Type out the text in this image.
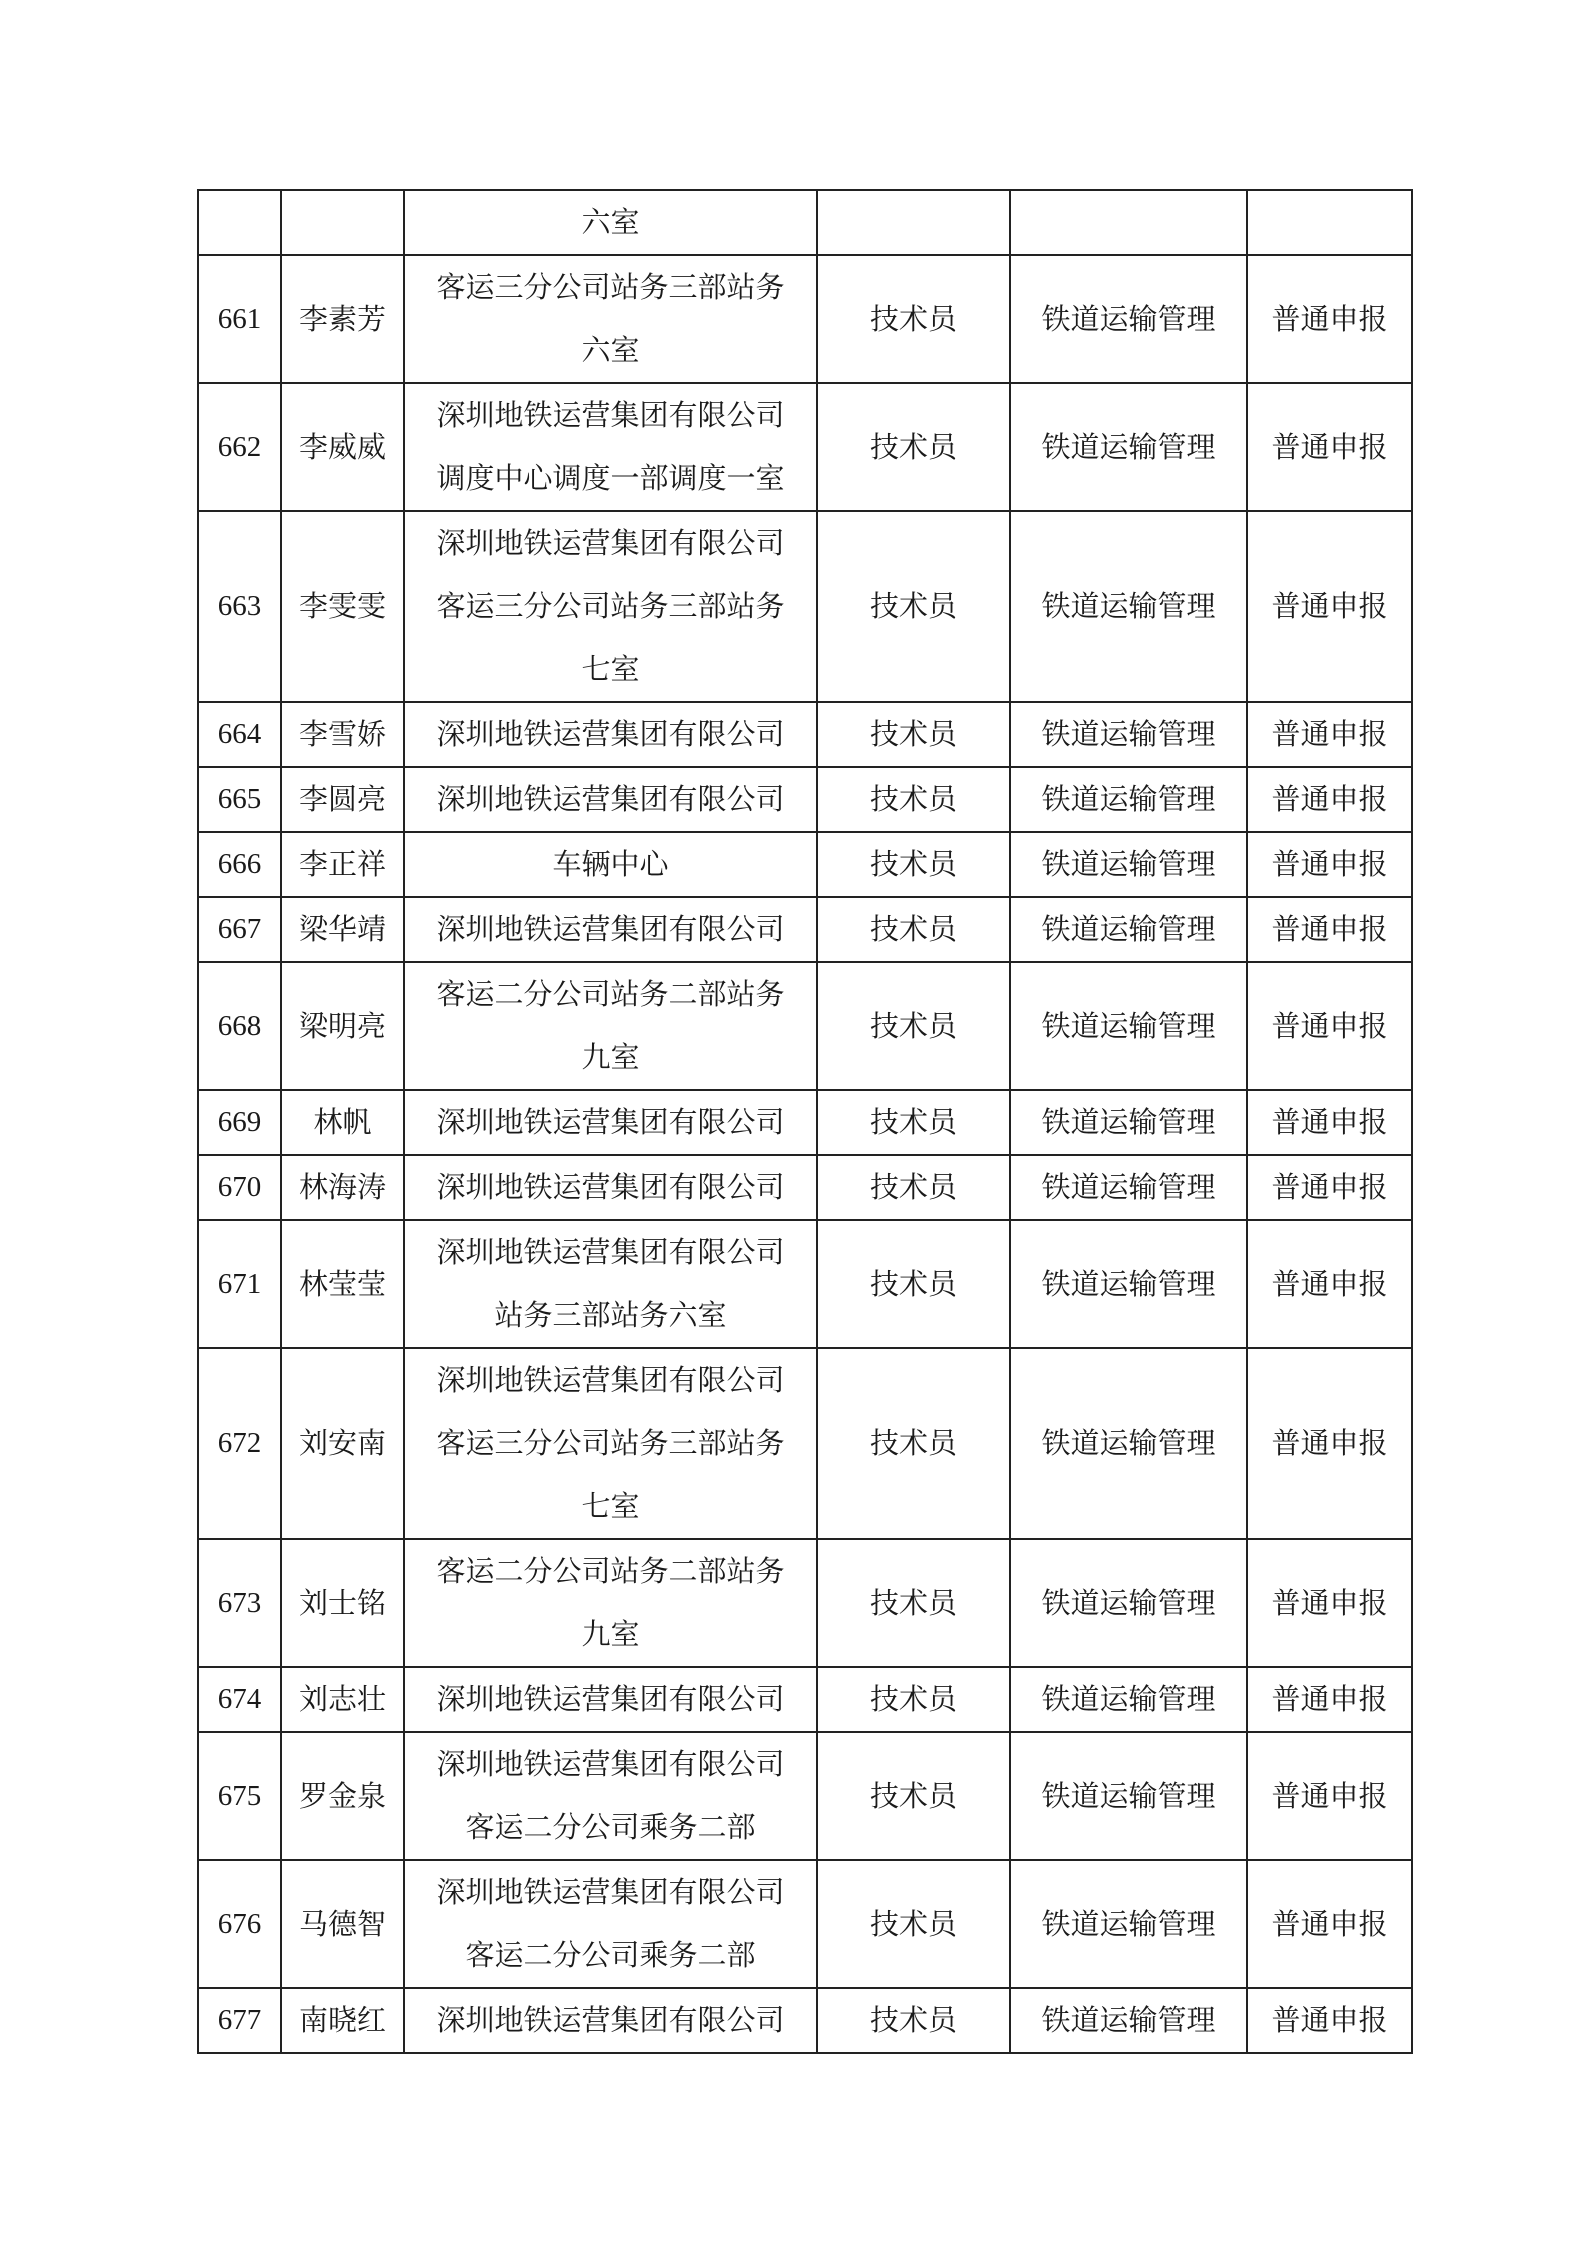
		六室			

661	李素芳	客运三分公司站务三部站务
六室	技术员	铁道运输管理	普通申报
662	李威威	深圳地铁运营集团有限公司
调度中心调度一部调度一室	技术员	铁道运输管理	普通申报
663	李雯雯	深圳地铁运营集团有限公司
客运三分公司站务三部站务
七室	技术员	铁道运输管理	普通申报
664	李雪娇	深圳地铁运营集团有限公司	技术员	铁道运输管理	普通申报
665	李圆亮	深圳地铁运营集团有限公司	技术员	铁道运输管理	普通申报
666	李正祥	车辆中心	技术员	铁道运输管理	普通申报
667	梁华靖	深圳地铁运营集团有限公司	技术员	铁道运输管理	普通申报
668	梁明亮	客运二分公司站务二部站务
九室	技术员	铁道运输管理	普通申报
669	林帆	深圳地铁运营集团有限公司	技术员	铁道运输管理	普通申报
670	林海涛	深圳地铁运营集团有限公司	技术员	铁道运输管理	普通申报
671	林莹莹	深圳地铁运营集团有限公司
站务三部站务六室	技术员	铁道运输管理	普通申报
672	刘安南	深圳地铁运营集团有限公司
客运三分公司站务三部站务
七室	技术员	铁道运输管理	普通申报
673	刘士铭	客运二分公司站务二部站务
九室	技术员	铁道运输管理	普通申报
674	刘志壮	深圳地铁运营集团有限公司	技术员	铁道运输管理	普通申报
675	罗金泉	深圳地铁运营集团有限公司
客运二分公司乘务二部	技术员	铁道运输管理	普通申报
676	马德智	深圳地铁运营集团有限公司
客运二分公司乘务二部	技术员	铁道运输管理	普通申报
677	南晓红	深圳地铁运营集团有限公司	技术员	铁道运输管理	普通申报
